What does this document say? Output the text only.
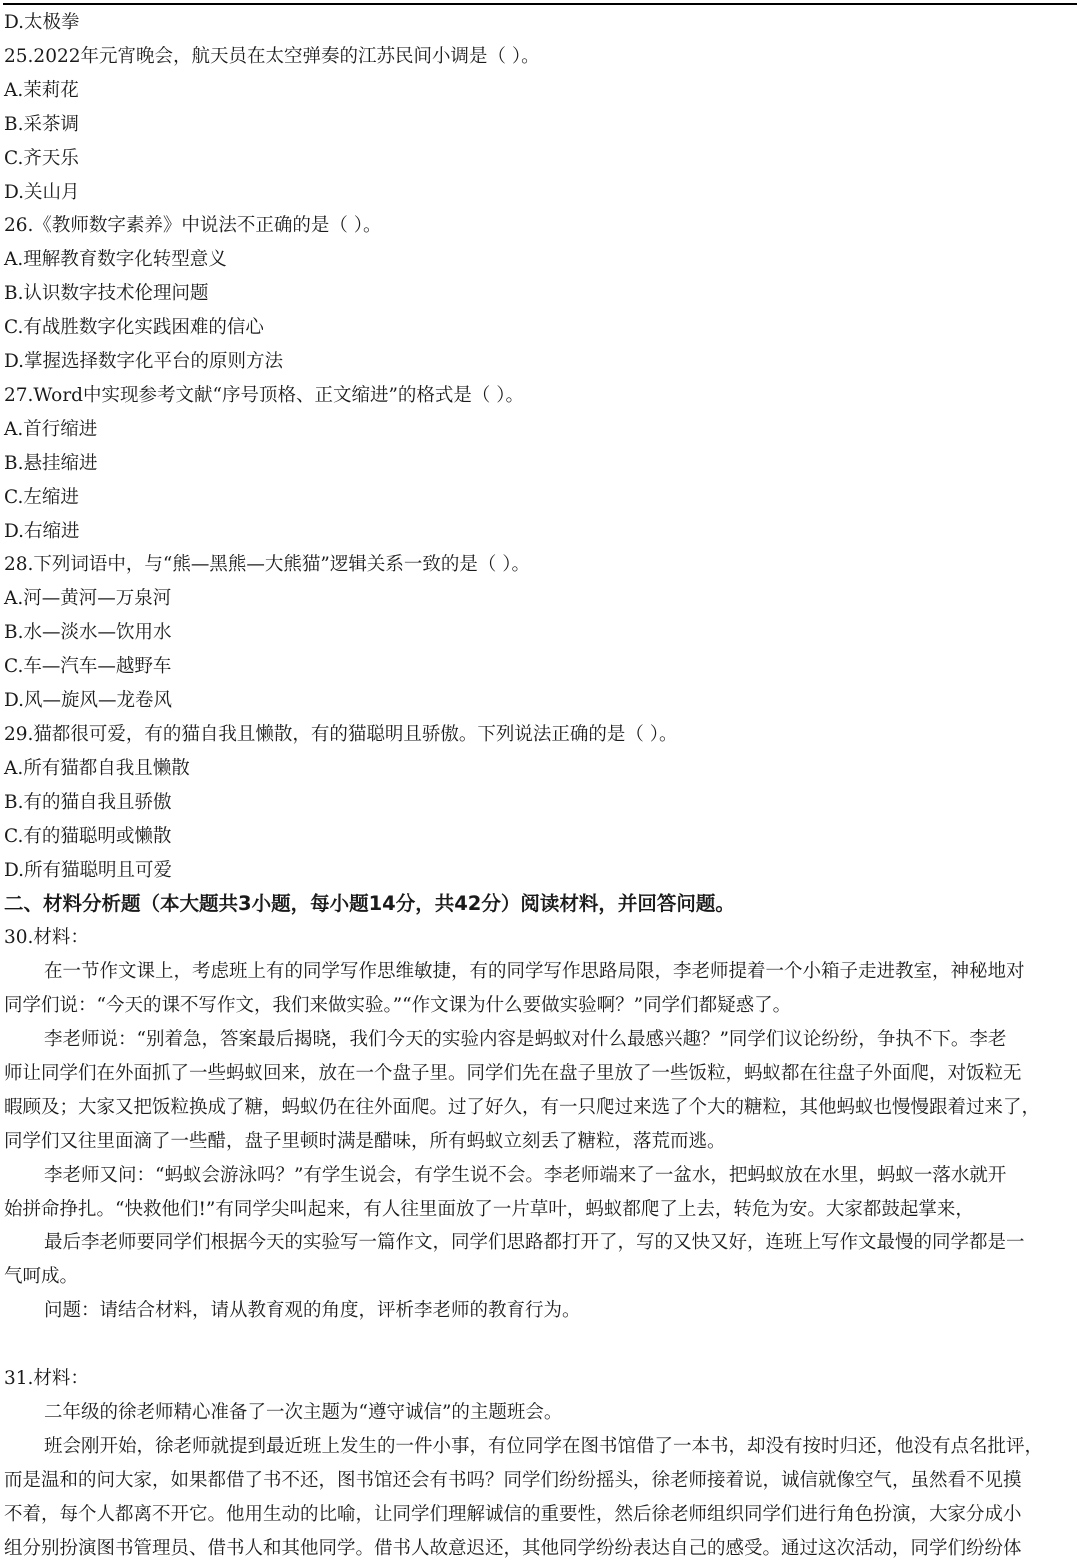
D.太极拳
25.2022年元宵晚会，航天员在太空弹奏的江苏民间小调是（ ）。
A.茉莉花
B.采茶调
C.齐天乐
D.关山月
26.《教师数字素养》中说法不正确的是（ ）。
A.理解教育数字化转型意义
B.认识数字技术伦理问题
C.有战胜数字化实践困难的信心
D.掌握选择数字化平台的原则方法
27.Word中实现参考文献“序号顶格、正文缩进”的格式是（ ）。
A.首行缩进
B.悬挂缩进
C.左缩进
D.右缩进
28.下列词语中，与“熊—黑熊—大熊猫”逻辑关系一致的是（ ）。
A.河—黄河—万泉河
B.水—淡水—饮用水
C.车—汽车—越野车
D.风—旋风—龙卷风
29.猫都很可爱，有的猫自我且懒散，有的猫聪明且骄傲。下列说法正确的是（ ）。
A.所有猫都自我且懒散
B.有的猫自我且骄傲
C.有的猫聪明或懒散
D.所有猫聪明且可爱
二、材料分析题（本大题共3小题，每小题14分，共42分）阅读材料，并回答问题。
30.材料：
在一节作文课上，考虑班上有的同学写作思维敏捷，有的同学写作思路局限，李老师提着一个小箱子走进教室，神秘地对
同学们说：“今天的课不写作文，我们来做实验。”“作文课为什么要做实验啊？”同学们都疑惑了。
李老师说：“别着急，答案最后揭晓，我们今天的实验内容是蚂蚁对什么最感兴趣？”同学们议论纷纷，争执不下。李老
师让同学们在外面抓了一些蚂蚁回来，放在一个盘子里。同学们先在盘子里放了一些饭粒，蚂蚁都在往盘子外面爬，对饭粒无
暇顾及；大家又把饭粒换成了糖，蚂蚁仍在往外面爬。过了好久，有一只爬过来选了个大的糖粒，其他蚂蚁也慢慢跟着过来了，
同学们又往里面滴了一些醋，盘子里顿时满是醋味，所有蚂蚁立刻丢了糖粒，落荒而逃。
李老师又问：“蚂蚁会游泳吗？”有学生说会，有学生说不会。李老师端来了一盆水，把蚂蚁放在水里，蚂蚁一落水就开
始拼命挣扎。“快救他们!”有同学尖叫起来，有人往里面放了一片草叶，蚂蚁都爬了上去，转危为安。大家都鼓起掌来，
最后李老师要同学们根据今天的实验写一篇作文，同学们思路都打开了，写的又快又好，连班上写作文最慢的同学都是一
气呵成。
问题：请结合材料，请从教育观的角度，评析李老师的教育行为。
31.材料：
二年级的徐老师精心准备了一次主题为“遵守诚信”的主题班会。
班会刚开始，徐老师就提到最近班上发生的一件小事，有位同学在图书馆借了一本书，却没有按时归还，他没有点名批评，
而是温和的问大家，如果都借了书不还，图书馆还会有书吗？同学们纷纷摇头，徐老师接着说，诚信就像空气，虽然看不见摸
不着，每个人都离不开它。他用生动的比喻，让同学们理解诚信的重要性，然后徐老师组织同学们进行角色扮演，大家分成小
组分别扮演图书管理员、借书人和其他同学。借书人故意迟还，其他同学纷纷表达自己的感受。通过这次活动，同学们纷纷体
